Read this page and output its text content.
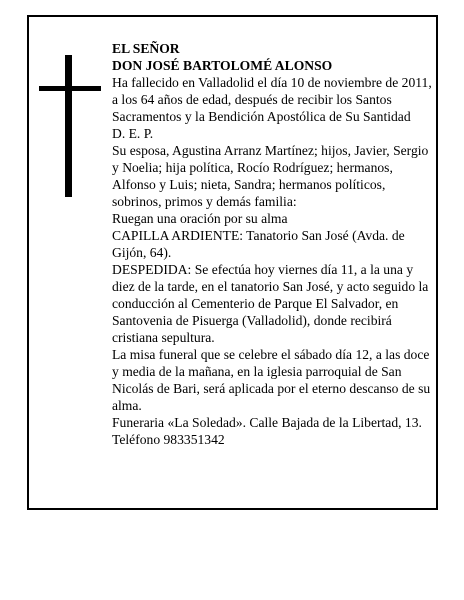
EL SEÑOR

DON JOSÉ BARTOLOMÉ ALONSO

Ha fallecido en Valladolid el día 10 de noviembre de 2011, a los 64 años de edad, después de recibir los Santos Sacramentos y la Bendición Apostólica de Su Santidad

D. E. P.

Su esposa, Agustina Arranz Martínez; hijos, Javier, Sergio y Noelia; hija política, Rocío Rodríguez; hermanos, Alfonso y Luis; nieta, Sandra; hermanos políticos, sobrinos, primos y demás familia:

Ruegan una oración por su alma

CAPILLA ARDIENTE: Tanatorio San José (Avda. de Gijón, 64).

DESPEDIDA: Se efectúa hoy viernes día 11, a la una y diez de la tarde, en el tanatorio San José, y acto seguido la conducción al Cementerio de Parque El Salvador, en Santovenia de Pisuerga (Valladolid), donde recibirá cristiana sepultura.

La misa funeral que se celebre el sábado día 12, a las doce y media de la mañana, en la iglesia parroquial de San Nicolás de Bari, será aplicada por el eterno descanso de su alma.

Funeraria «La Soledad». Calle Bajada de la Libertad, 13.

Teléfono 983351342
